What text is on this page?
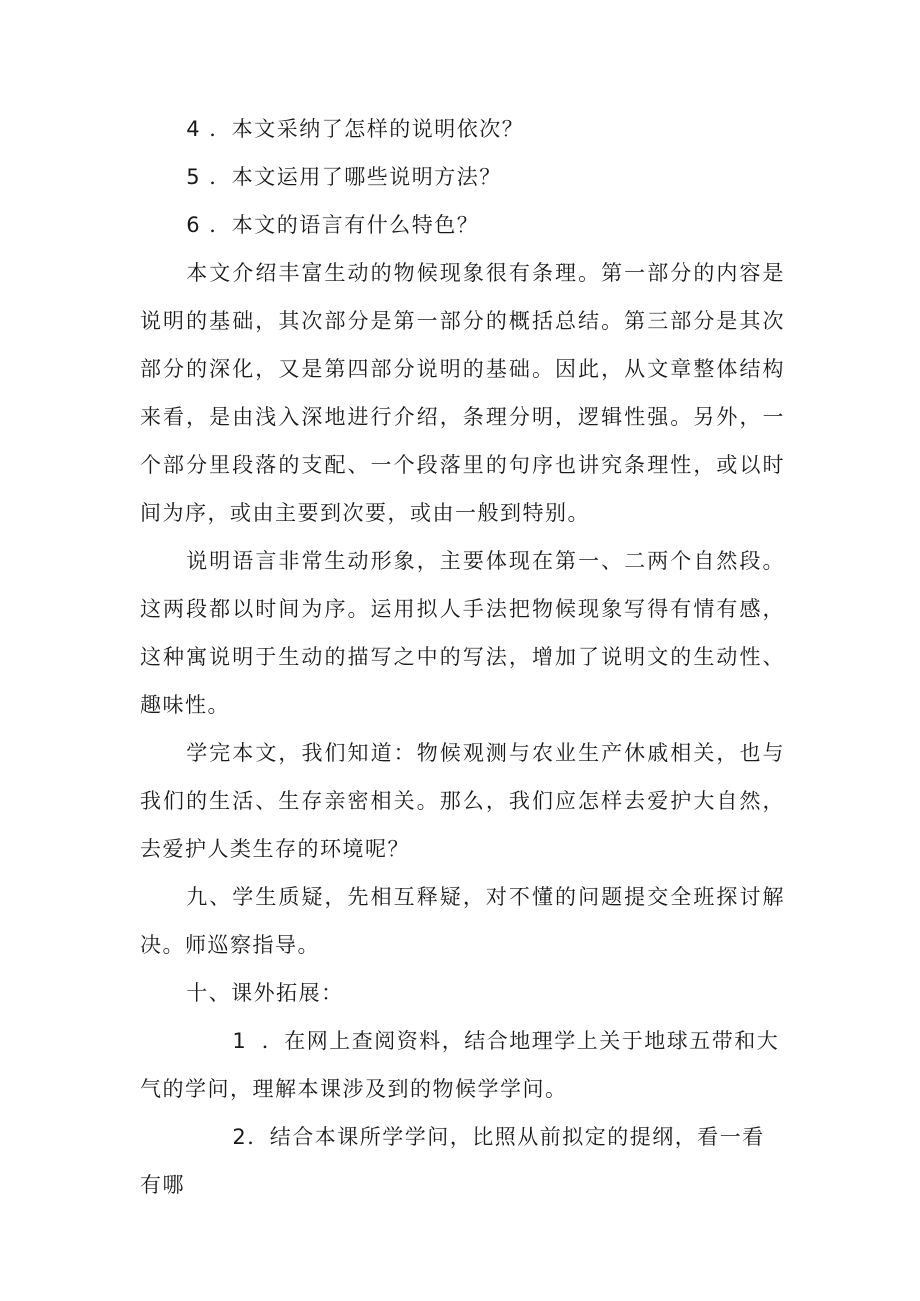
4 ．本文采纳了怎样的说明依次？

5 ．本文运用了哪些说明方法？

6 ．本文的语言有什么特色？

本文介绍丰富生动的物候现象很有条理。第一部分的内容是说明的基础，其次部分是第一部分的概括总结。第三部分是其次部分的深化，又是第四部分说明的基础。因此，从文章整体结构来看，是由浅入深地进行介绍，条理分明，逻辑性强。另外，一个部分里段落的支配、一个段落里的句序也讲究条理性，或以时间为序，或由主要到次要，或由一般到特别。

说明语言非常生动形象，主要体现在第一、二两个自然段。这两段都以时间为序。运用拟人手法把物候现象写得有情有感，这种寓说明于生动的描写之中的写法，增加了说明文的生动性、趣味性。

学完本文，我们知道：物候观测与农业生产休戚相关，也与我们的生活、生存亲密相关。那么，我们应怎样去爱护大自然，去爱护人类生存的环境呢？

九、学生质疑，先相互释疑，对不懂的问题提交全班探讨解决。师巡察指导。

十、课外拓展：

1 ．在网上查阅资料，结合地理学上关于地球五带和大气的学问，理解本课涉及到的物候学学问。

2．结合本课所学学问，比照从前拟定的提纲，看一看有哪
